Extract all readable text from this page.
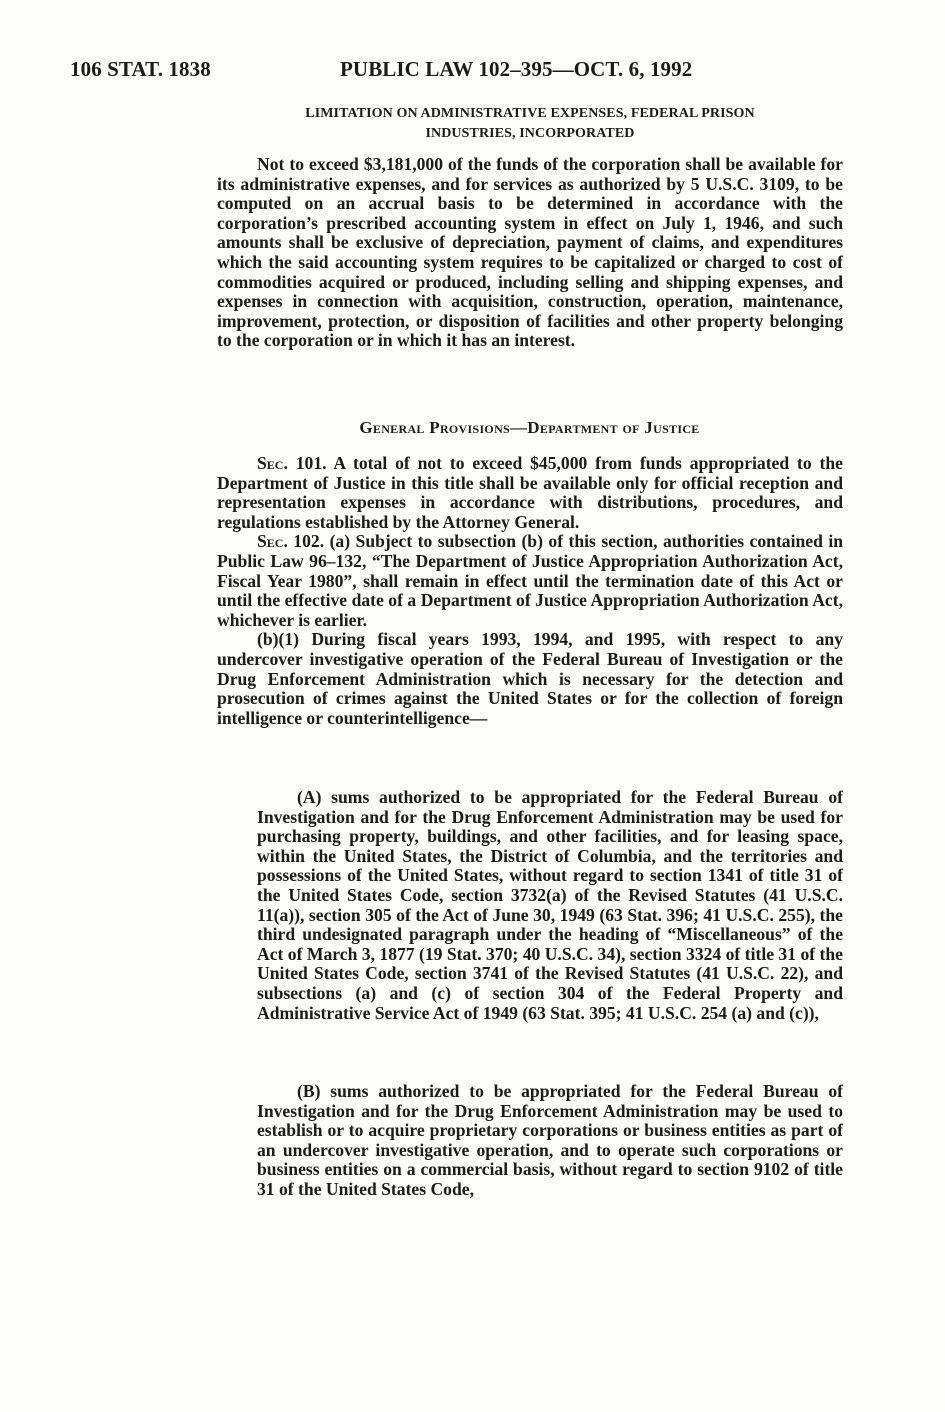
106 STAT. 1838	PUBLIC LAW 102–395—OCT. 6, 1992
LIMITATION ON ADMINISTRATIVE EXPENSES, FEDERAL PRISON
INDUSTRIES, INCORPORATED

Not to exceed $3,181,000 of the funds of the corporation shall be available for its administrative expenses, and for services as authorized by 5 U.S.C. 3109, to be computed on an accrual basis to be determined in accordance with the corporation’s prescribed accounting system in effect on July 1, 1946, and such amounts shall be exclusive of depreciation, payment of claims, and expenditures which the said accounting system requires to be capitalized or charged to cost of commodities acquired or produced, including selling and shipping expenses, and expenses in connection with acquisition, construction, operation, maintenance, improvement, protection, or disposition of facilities and other property belonging to the corporation or in which it has an interest.

General Provisions—Department of Justice

Sec. 101. A total of not to exceed $45,000 from funds appropriated to the Department of Justice in this title shall be available only for official reception and representation expenses in accordance with distributions, procedures, and regulations established by the Attorney General.

Sec. 102. (a) Subject to subsection (b) of this section, authorities contained in Public Law 96–132, “The Department of Justice Appropriation Authorization Act, Fiscal Year 1980”, shall remain in effect until the termination date of this Act or until the effective date of a Department of Justice Appropriation Authorization Act, whichever is earlier.

(b)(1) During fiscal years 1993, 1994, and 1995, with respect to any undercover investigative operation of the Federal Bureau of Investigation or the Drug Enforcement Administration which is necessary for the detection and prosecution of crimes against the United States or for the collection of foreign intelligence or counterintelligence—

(A) sums authorized to be appropriated for the Federal Bureau of Investigation and for the Drug Enforcement Administration may be used for purchasing property, buildings, and other facilities, and for leasing space, within the United States, the District of Columbia, and the territories and possessions of the United States, without regard to section 1341 of title 31 of the United States Code, section 3732(a) of the Revised Statutes (41 U.S.C. 11(a)), section 305 of the Act of June 30, 1949 (63 Stat. 396; 41 U.S.C. 255), the third undesignated paragraph under the heading of “Miscellaneous” of the Act of March 3, 1877 (19 Stat. 370; 40 U.S.C. 34), section 3324 of title 31 of the United States Code, section 3741 of the Revised Statutes (41 U.S.C. 22), and subsections (a) and (c) of section 304 of the Federal Property and Administrative Service Act of 1949 (63 Stat. 395; 41 U.S.C. 254 (a) and (c)),

(B) sums authorized to be appropriated for the Federal Bureau of Investigation and for the Drug Enforcement Administration may be used to establish or to acquire proprietary corporations or business entities as part of an undercover investigative operation, and to operate such corporations or business entities on a commercial basis, without regard to section 9102 of title 31 of the United States Code,
